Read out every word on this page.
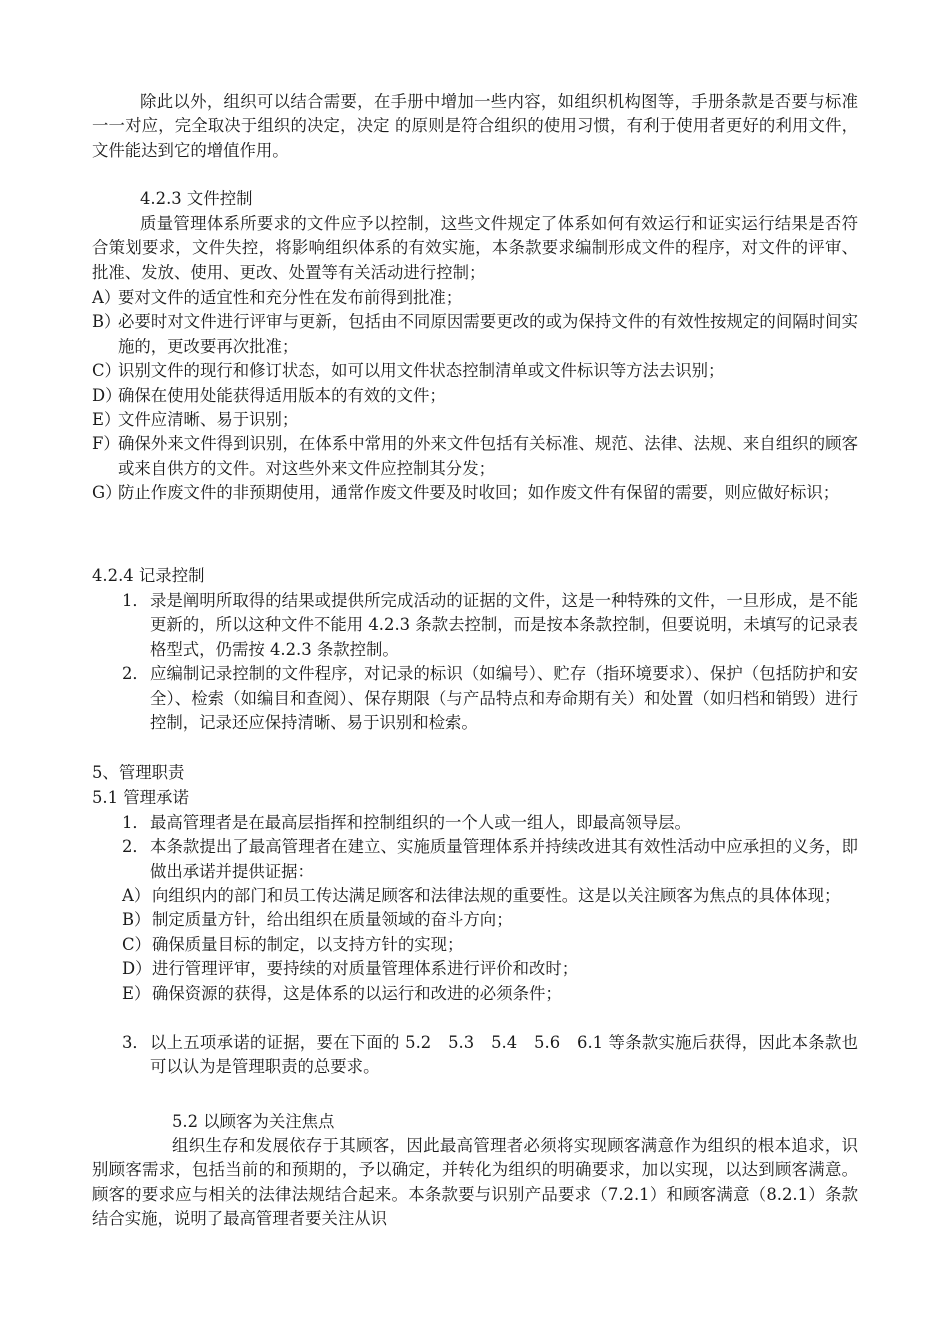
除此以外，组织可以结合需要，在手册中增加一些内容，如组织机构图等，手册条款是否要与标准一一对应，完全取决于组织的决定，决定 的原则是符合组织的使用习惯，有利于使用者更好的利用文件，文件能达到它的增值作用。
4.2.3 文件控制
质量管理体系所要求的文件应予以控制，这些文件规定了体系如何有效运行和证实运行结果是否符合策划要求，文件失控，将影响组织体系的有效实施，本条款要求编制形成文件的程序，对文件的评审、批准、发放、使用、更改、处置等有关活动进行控制；
A）
要对文件的适宜性和充分性在发布前得到批准；
B）
必要时对文件进行评审与更新，包括由不同原因需要更改的或为保持文件的有效性按规定的间隔时间实施的，更改要再次批准；
C）
识别文件的现行和修订状态，如可以用文件状态控制清单或文件标识等方法去识别；
D）
确保在使用处能获得适用版本的有效的文件；
E）
文件应清晰、易于识别；
F）
确保外来文件得到识别，在体系中常用的外来文件包括有关标准、规范、法律、法规、来自组织的顾客或来自供方的文件。对这些外来文件应控制其分发；
G）
防止作废文件的非预期使用，通常作废文件要及时收回；如作废文件有保留的需要，则应做好标识；
4.2.4 记录控制
1． 录是阐明所取得的结果或提供所完成活动的证据的文件，这是一种特殊的文件，一旦形成，是不能更新的，所以这种文件不能用 4.2.3 条款去控制，而是按本条款控制，但要说明，未填写的记录表格型式，仍需按 4.2.3 条款控制。
2． 应编制记录控制的文件程序，对记录的标识（如编号）、贮存（指环境要求）、保护（包括防护和安全）、检索（如编目和查阅）、保存期限（与产品特点和寿命期有关）和处置（如归档和销毁）进行控制，记录还应保持清晰、易于识别和检索。
5、管理职责
5.1 管理承诺
1． 最高管理者是在最高层指挥和控制组织的一个人或一组人，即最高领导层。
2． 本条款提出了最高管理者在建立、实施质量管理体系并持续改进其有效性活动中应承担的义务，即做出承诺并提供证据：
A） 向组织内的部门和员工传达满足顾客和法律法规的重要性。这是以关注顾客为焦点的具体体现；
B） 制定质量方针，给出组织在质量领域的奋斗方向；
C） 确保质量目标的制定，以支持方针的实现；
D） 进行管理评审，要持续的对质量管理体系进行评价和改时；
E） 确保资源的获得，这是体系的以运行和改进的必须条件；
3． 以上五项承诺的证据，要在下面的 5.2　5.3　5.4　5.6　6.1 等条款实施后获得，因此本条款也可以认为是管理职责的总要求。
5.2 以顾客为关注焦点
组织生存和发展依存于其顾客，因此最高管理者必须将实现顾客满意作为组织的根本追求，识别顾客需求，包括当前的和预期的，予以确定，并转化为组织的明确要求，加以实现，以达到顾客满意。顾客的要求应与相关的法律法规结合起来。本条款要与识别产品要求（7.2.1）和顾客满意（8.2.1）条款结合实施，说明了最高管理者要关注从识
